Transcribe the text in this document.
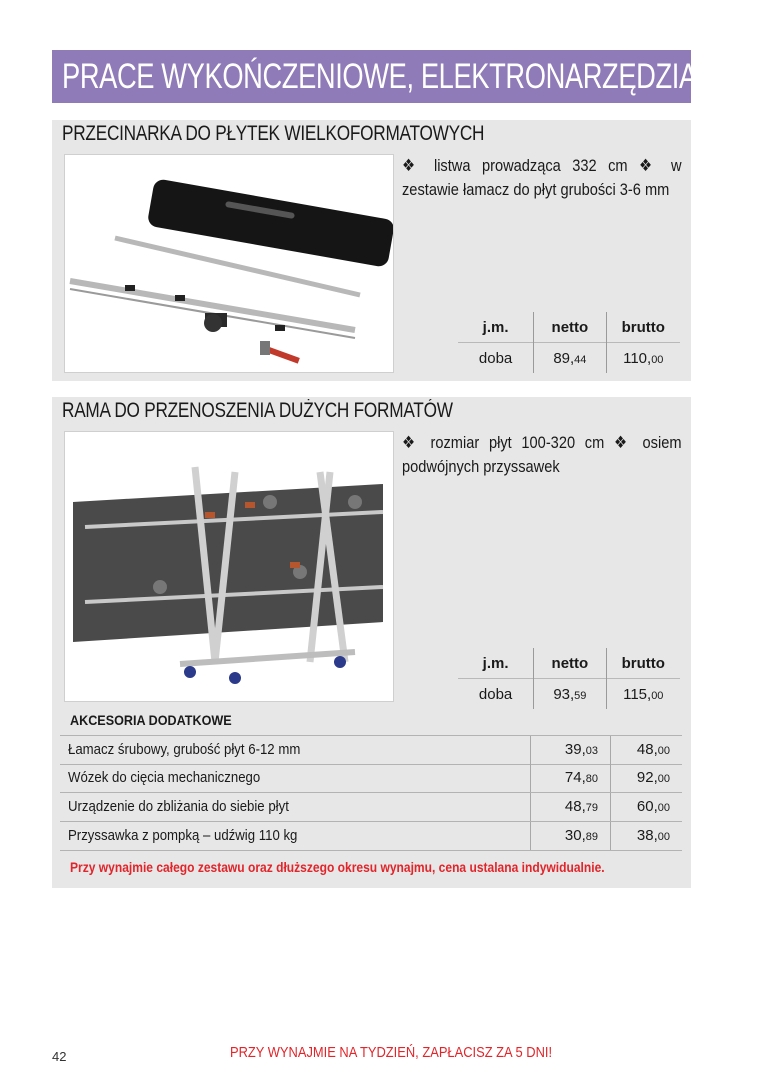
PRACE WYKOŃCZENIOWE, ELEKTRONARZĘDZIA
PRZECINARKA DO PŁYTEK WIELKOFORMATOWYCH
❖ listwa prowadząca 332 cm ❖ w zestawie łamacz do płyt grubości 3-6 mm
j.m.	netto	brutto
doba	89,44	110,00
RAMA DO PRZENOSZENIA DUŻYCH FORMATÓW
❖ rozmiar płyt 100-320 cm ❖ osiem podwójnych przyssawek
j.m.	netto	brutto
doba	93,59	115,00
AKCESORIA DODATKOWE
Łamacz śrubowy, grubość płyt 6-12 mm	39,03	48,00
Wózek do cięcia mechanicznego	74,80	92,00
Urządzenie do zbliżania do siebie płyt	48,79	60,00
Przyssawka z pompką – udźwig 110 kg	30,89	38,00
Przy wynajmie całego zestawu oraz dłuższego okresu wynajmu, cena ustalana indywidualnie.
42	PRZY WYNAJMIE NA TYDZIEŃ, ZAPŁACISZ ZA 5 DNI!
